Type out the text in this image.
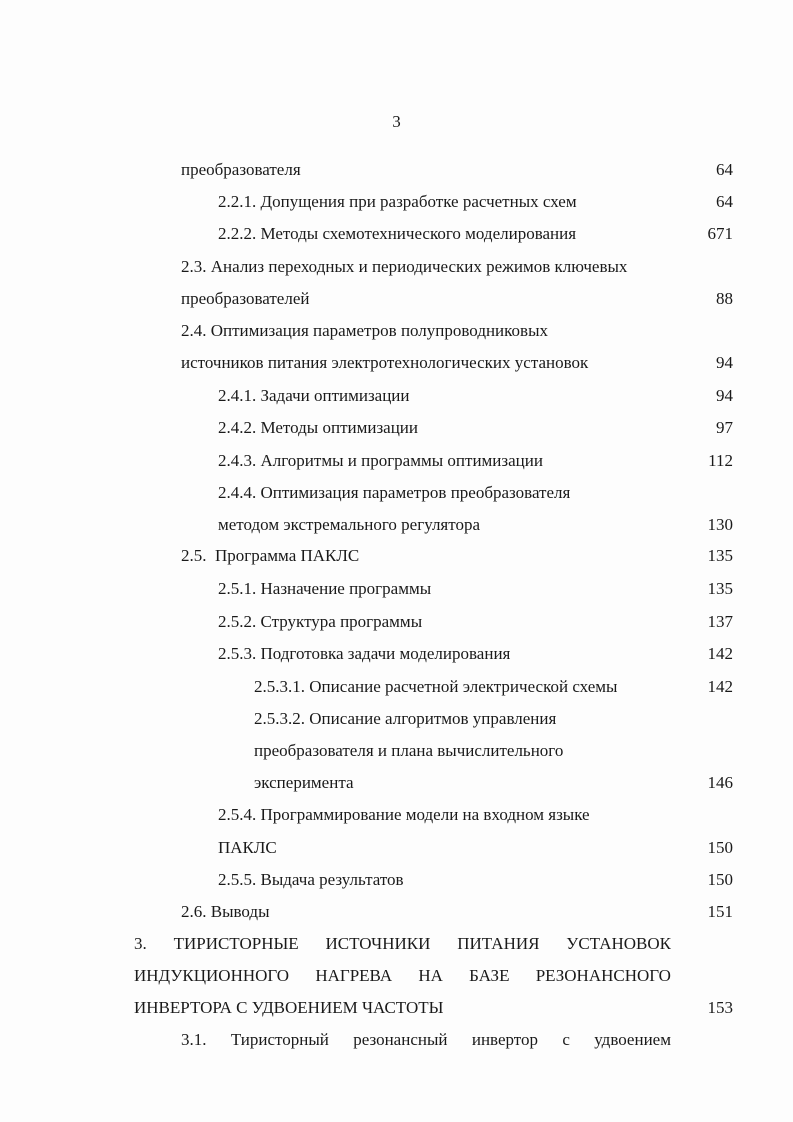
3
преобразователя	64
2.2.1. Допущения при разработке расчетных схем	64
2.2.2. Методы схемотехнического моделирования	671
2.3. Анализ переходных и периодических режимов ключевых
преобразователей	88
2.4. Оптимизация параметров полупроводниковых
источников питания электротехнологических установок	94
2.4.1. Задачи оптимизации	94
2.4.2. Методы оптимизации	97
2.4.3. Алгоритмы и программы оптимизации	112
2.4.4. Оптимизация параметров преобразователя
методом экстремального регулятора	130
2.5.  Программа ПАКЛС	135
2.5.1. Назначение программы	135
2.5.2. Структура программы	137
2.5.3. Подготовка задачи моделирования	142
2.5.3.1. Описание расчетной электрической схемы	142
2.5.3.2. Описание алгоритмов управления
преобразователя и плана вычислительного
эксперимента	146
2.5.4. Программирование модели на входном языке
ПАКЛС	150
2.5.5. Выдача результатов	150
2.6. Выводы	151
3. ТИРИСТОРНЫЕ ИСТОЧНИКИ ПИТАНИЯ УСТАНОВОК
ИНДУКЦИОННОГО НАГРЕВА НА БАЗЕ РЕЗОНАНСНОГО
ИНВЕРТОРА С УДВОЕНИЕМ ЧАСТОТЫ	153
3.1. Тиристорный резонансный инвертор с удвоением
